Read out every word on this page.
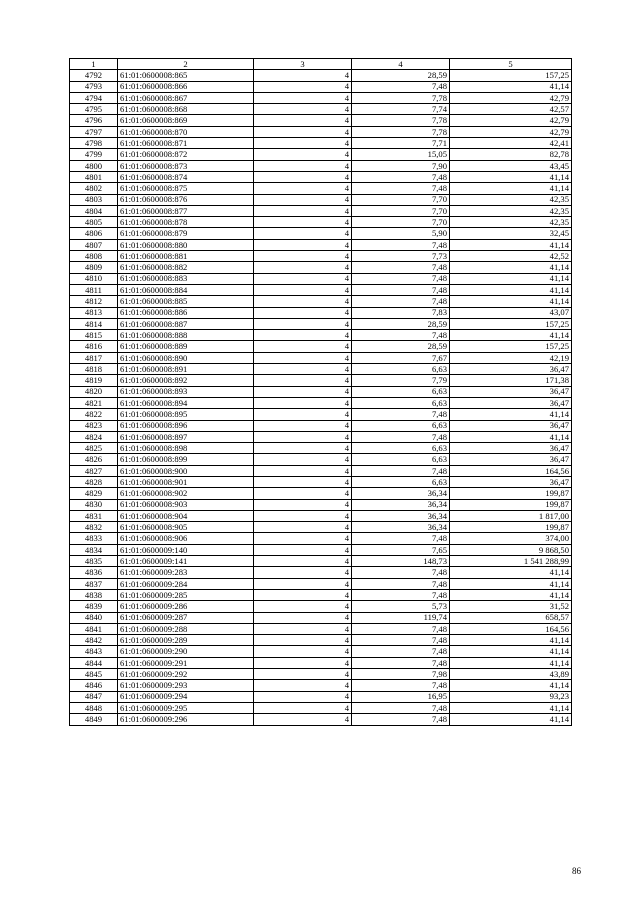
1	2	3	4	5
4792	61:01:0600008:865	4	28,59	157,25
4793	61:01:0600008:866	4	7,48	41,14
4794	61:01:0600008:867	4	7,78	42,79
4795	61:01:0600008:868	4	7,74	42,57
4796	61:01:0600008:869	4	7,78	42,79
4797	61:01:0600008:870	4	7,78	42,79
4798	61:01:0600008:871	4	7,71	42,41
4799	61:01:0600008:872	4	15,05	82,78
4800	61:01:0600008:873	4	7,90	43,45
4801	61:01:0600008:874	4	7,48	41,14
4802	61:01:0600008:875	4	7,48	41,14
4803	61:01:0600008:876	4	7,70	42,35
4804	61:01:0600008:877	4	7,70	42,35
4805	61:01:0600008:878	4	7,70	42,35
4806	61:01:0600008:879	4	5,90	32,45
4807	61:01:0600008:880	4	7,48	41,14
4808	61:01:0600008:881	4	7,73	42,52
4809	61:01:0600008:882	4	7,48	41,14
4810	61:01:0600008:883	4	7,48	41,14
4811	61:01:0600008:884	4	7,48	41,14
4812	61:01:0600008:885	4	7,48	41,14
4813	61:01:0600008:886	4	7,83	43,07
4814	61:01:0600008:887	4	28,59	157,25
4815	61:01:0600008:888	4	7,48	41,14
4816	61:01:0600008:889	4	28,59	157,25
4817	61:01:0600008:890	4	7,67	42,19
4818	61:01:0600008:891	4	6,63	36,47
4819	61:01:0600008:892	4	7,79	171,38
4820	61:01:0600008:893	4	6,63	36,47
4821	61:01:0600008:894	4	6,63	36,47
4822	61:01:0600008:895	4	7,48	41,14
4823	61:01:0600008:896	4	6,63	36,47
4824	61:01:0600008:897	4	7,48	41,14
4825	61:01:0600008:898	4	6,63	36,47
4826	61:01:0600008:899	4	6,63	36,47
4827	61:01:0600008:900	4	7,48	164,56
4828	61:01:0600008:901	4	6,63	36,47
4829	61:01:0600008:902	4	36,34	199,87
4830	61:01:0600008:903	4	36,34	199,87
4831	61:01:0600008:904	4	36,34	1 817,00
4832	61:01:0600008:905	4	36,34	199,87
4833	61:01:0600008:906	4	7,48	374,00
4834	61:01:0600009:140	4	7,65	9 868,50
4835	61:01:0600009:141	4	148,73	1 541 288,99
4836	61:01:0600009:283	4	7,48	41,14
4837	61:01:0600009:284	4	7,48	41,14
4838	61:01:0600009:285	4	7,48	41,14
4839	61:01:0600009:286	4	5,73	31,52
4840	61:01:0600009:287	4	119,74	658,57
4841	61:01:0600009:288	4	7,48	164,56
4842	61:01:0600009:289	4	7,48	41,14
4843	61:01:0600009:290	4	7,48	41,14
4844	61:01:0600009:291	4	7,48	41,14
4845	61:01:0600009:292	4	7,98	43,89
4846	61:01:0600009:293	4	7,48	41,14
4847	61:01:0600009:294	4	16,95	93,23
4848	61:01:0600009:295	4	7,48	41,14
4849	61:01:0600009:296	4	7,48	41,14
86
